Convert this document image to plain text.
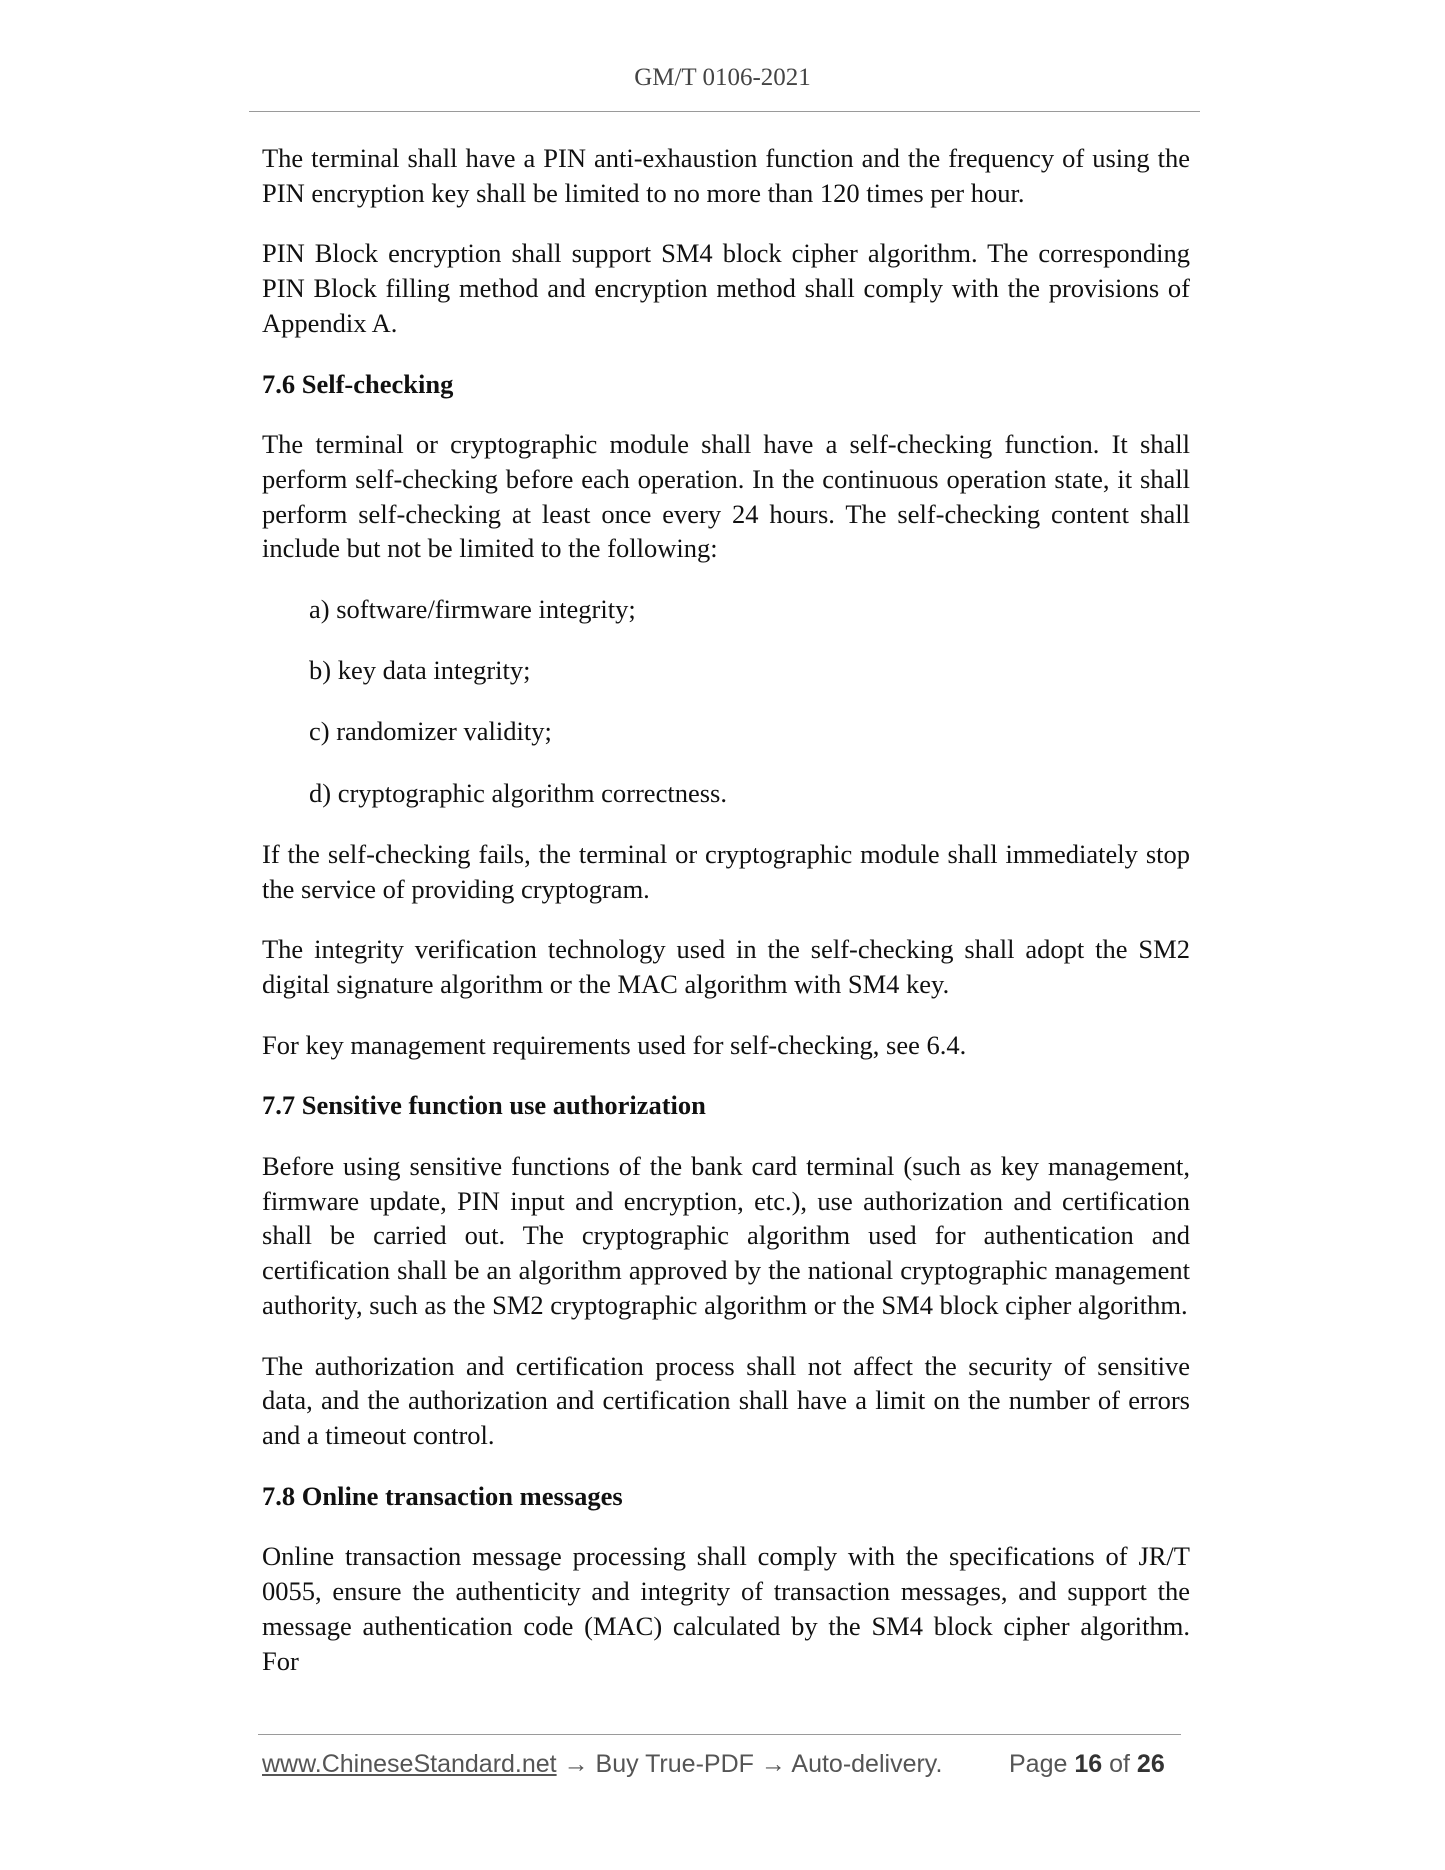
GM/T 0106-2021

The terminal shall have a PIN anti-exhaustion function and the frequency of using the PIN encryption key shall be limited to no more than 120 times per hour.

PIN Block encryption shall support SM4 block cipher algorithm. The corresponding PIN Block filling method and encryption method shall comply with the provisions of Appendix A.

7.6 Self-checking

The terminal or cryptographic module shall have a self-checking function. It shall perform self-checking before each operation. In the continuous operation state, it shall perform self-checking at least once every 24 hours. The self-checking content shall include but not be limited to the following:

a) software/firmware integrity;

b) key data integrity;

c) randomizer validity;

d) cryptographic algorithm correctness.

If the self-checking fails, the terminal or cryptographic module shall immediately stop the service of providing cryptogram.

The integrity verification technology used in the self-checking shall adopt the SM2 digital signature algorithm or the MAC algorithm with SM4 key.

For key management requirements used for self-checking, see 6.4.

7.7 Sensitive function use authorization

Before using sensitive functions of the bank card terminal (such as key management, firmware update, PIN input and encryption, etc.), use authorization and certification shall be carried out. The cryptographic algorithm used for authentication and certification shall be an algorithm approved by the national cryptographic management authority, such as the SM2 cryptographic algorithm or the SM4 block cipher algorithm.

The authorization and certification process shall not affect the security of sensitive data, and the authorization and certification shall have a limit on the number of errors and a timeout control.

7.8 Online transaction messages

Online transaction message processing shall comply with the specifications of JR/T 0055, ensure the authenticity and integrity of transaction messages, and support the message authentication code (MAC) calculated by the SM4 block cipher algorithm. For

www.ChineseStandard.net → Buy True-PDF → Auto-delivery.	Page 16 of 26
